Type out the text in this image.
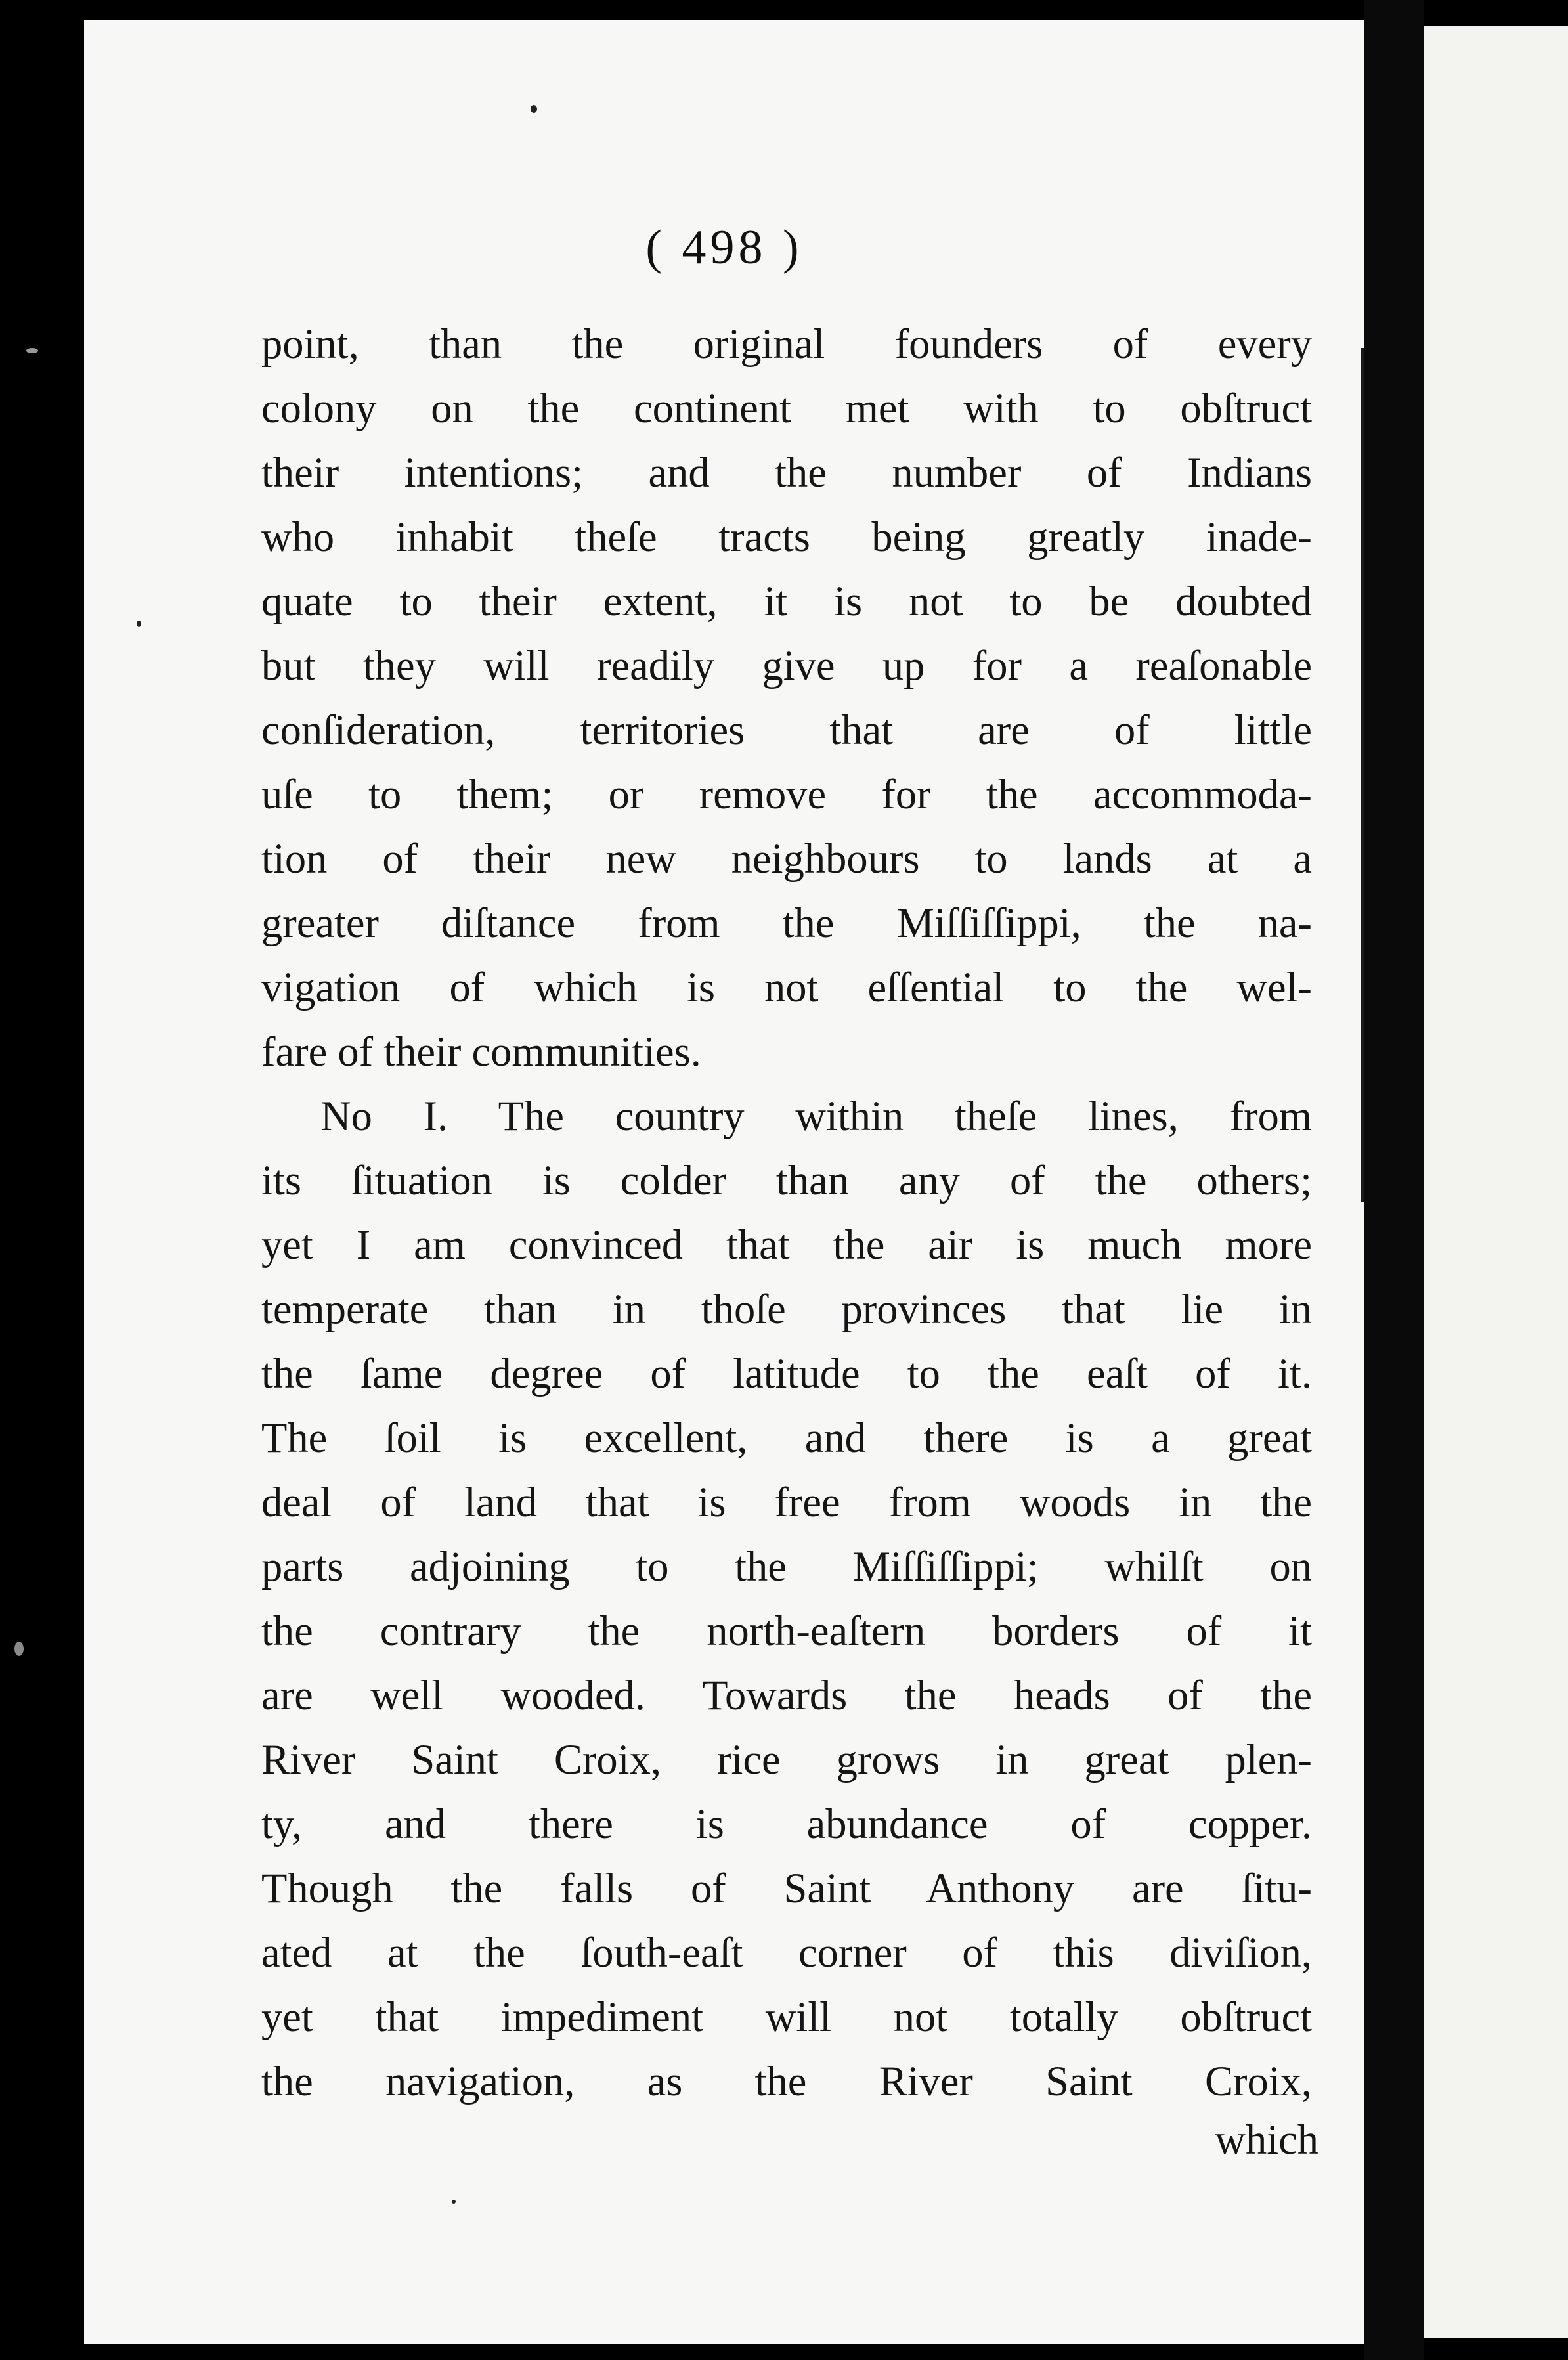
( 498 )
point, than the original founders of every
colony on the continent met with to obſtruct
their intentions; and the number of Indians
who inhabit theſe tracts being greatly inade-
quate to their extent, it is not to be doubted
but they will readily give up for a reaſonable
conſideration, territories that are of little
uſe to them; or remove for the accommoda-
tion of their new neighbours to lands at a
greater diſtance from the Miſſiſſippi, the na-
vigation of which is not eſſential to the wel-
fare of their communities.
No I. The country within theſe lines, from
its ſituation is colder than any of the others;
yet I am convinced that the air is much more
temperate than in thoſe provinces that lie in
the ſame degree of latitude to the eaſt of it.
The ſoil is excellent, and there is a great
deal of land that is free from woods in the
parts adjoining to the Miſſiſſippi; whilſt on
the contrary the north-eaſtern borders of it
are well wooded. Towards the heads of the
River Saint Croix, rice grows in great plen-
ty, and there is abundance of copper.
Though the falls of Saint Anthony are ſitu-
ated at the ſouth-eaſt corner of this diviſion,
yet that impediment will not totally obſtruct
the navigation, as the River Saint Croix,
which
